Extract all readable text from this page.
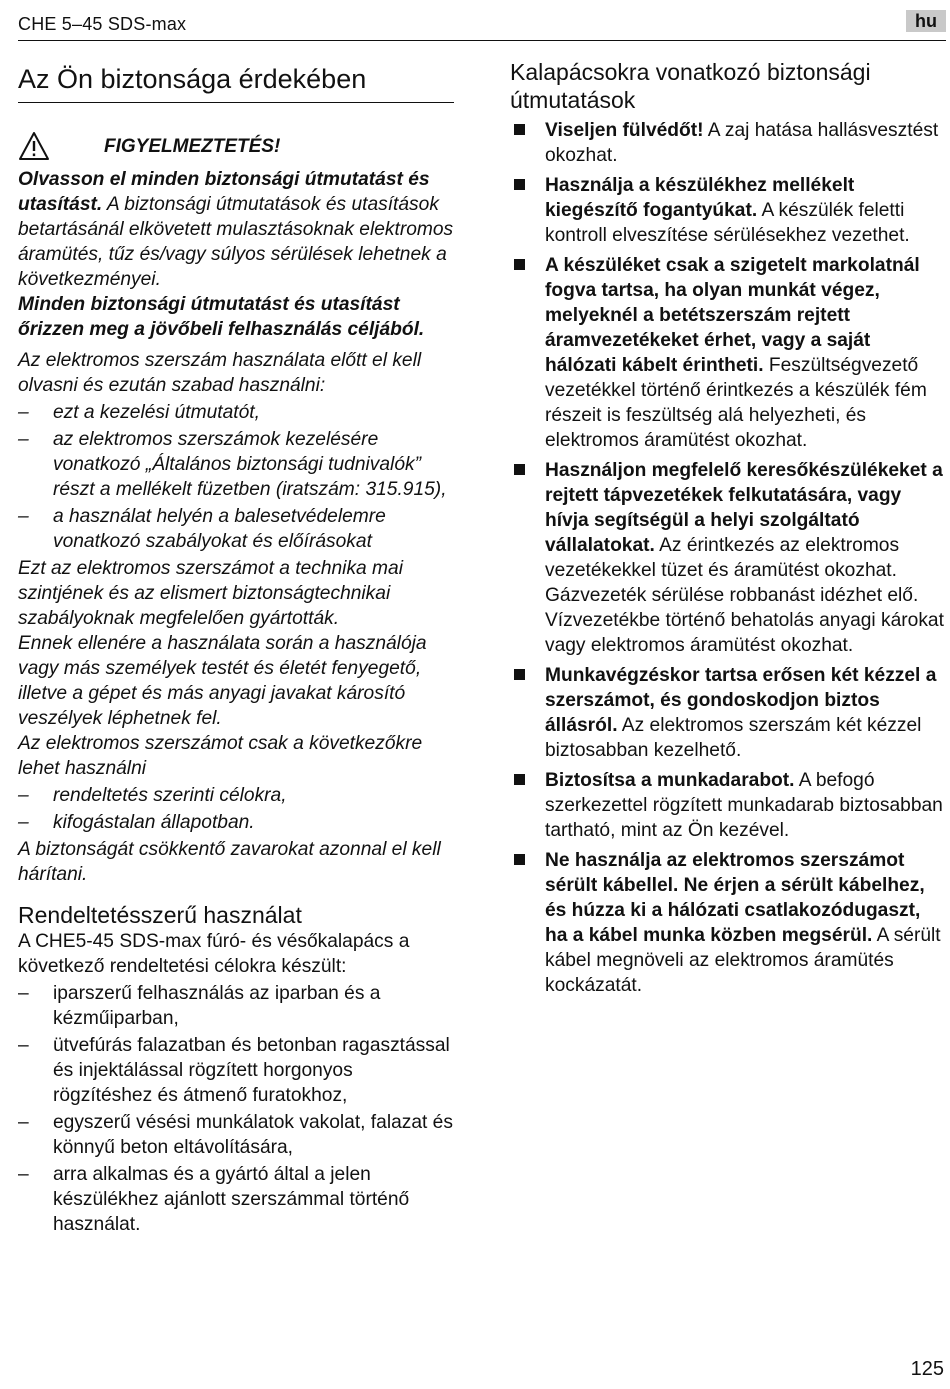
CHE 5–45 SDS-max	hu
Az Ön biztonsága érdekében
FIGYELMEZTETÉS!

Olvasson el minden biztonsági útmutatást és utasítást. A biztonsági útmutatások és utasítások betartásánál elkövetett mulasztásoknak elektromos áramütés, tűz és/vagy súlyos sérülések lehetnek a következményei.

Minden biztonsági útmutatást és utasítást őrizzen meg a jövőbeli felhasználás céljából.

Az elektromos szerszám használata előtt el kell olvasni és ezután szabad használni:

– ezt a kezelési útmutatót,
– az elektromos szerszámok kezelésére vonatkozó „Általános biztonsági tudnivalók” részt a mellékelt füzetben (iratszám: 315.915),
– a használat helyén a balesetvédelemre vonatkozó szabályokat és előírásokat

Ezt az elektromos szerszámot a technika mai szintjének és az elismert biztonságtechnikai szabályoknak megfelelően gyártották.

Ennek ellenére a használata során a használója vagy más személyek testét és életét fenyegető, illetve a gépet és más anyagi javakat károsító veszélyek léphetnek fel.

Az elektromos szerszámot csak a következőkre lehet használni

– rendeltetés szerinti célokra,
– kifogástalan állapotban.

A biztonságát csökkentő zavarokat azonnal el kell hárítani.

Rendeltetésszerű használat

A CHE5-45 SDS-max fúró- és vésőkalapács a következő rendeltetési célokra készült:

– iparszerű felhasználás az iparban és a kézműiparban,
– ütvefúrás falazatban és betonban ragasztással és injektálással rögzített horgonyos rögzítéshez és átmenő furatokhoz,
– egyszerű vésési munkálatok vakolat, falazat és könnyű beton eltávolítására,
– arra alkalmas és a gyártó által a jelen készülékhez ajánlott szerszámmal történő használat.
Kalapácsokra vonatkozó biztonsági útmutatások
Viseljen fülvédőt! A zaj hatása hallásvesztést okozhat.
Használja a készülékhez mellékelt kiegészítő fogantyúkat. A készülék feletti kontroll elveszítése sérülésekhez vezethet.
A készüléket csak a szigetelt markolatnál fogva tartsa, ha olyan munkát végez, melyeknél a betétszerszám rejtett áramvezetékeket érhet, vagy a saját hálózati kábelt érintheti. Feszültségvezető vezetékkel történő érintkezés a készülék fém részeit is feszültség alá helyezheti, és elektromos áramütést okozhat.
Használjon megfelelő keresőkészülékeket a rejtett tápvezetékek felkutatására, vagy hívja segítségül a helyi szolgáltató vállalatokat. Az érintkezés az elektromos vezetékekkel tüzet és áramütést okozhat. Gázvezeték sérülése robbanást idézhet elő. Vízvezetékbe történő behatolás anyagi károkat vagy elektromos áramütést okozhat.
Munkavégzéskor tartsa erősen két kézzel a szerszámot, és gondoskodjon biztos állásról. Az elektromos szerszám két kézzel biztosabban kezelhető.
Biztosítsa a munkadarabot. A befogó szerkezettel rögzített munkadarab biztosabban tartható, mint az Ön kezével.
Ne használja az elektromos szerszámot sérült kábellel. Ne érjen a sérült kábelhez, és húzza ki a hálózati csatlakozódugaszt, ha a kábel munka közben megsérül. A sérült kábel megnöveli az elektromos áramütés kockázatát.
125
